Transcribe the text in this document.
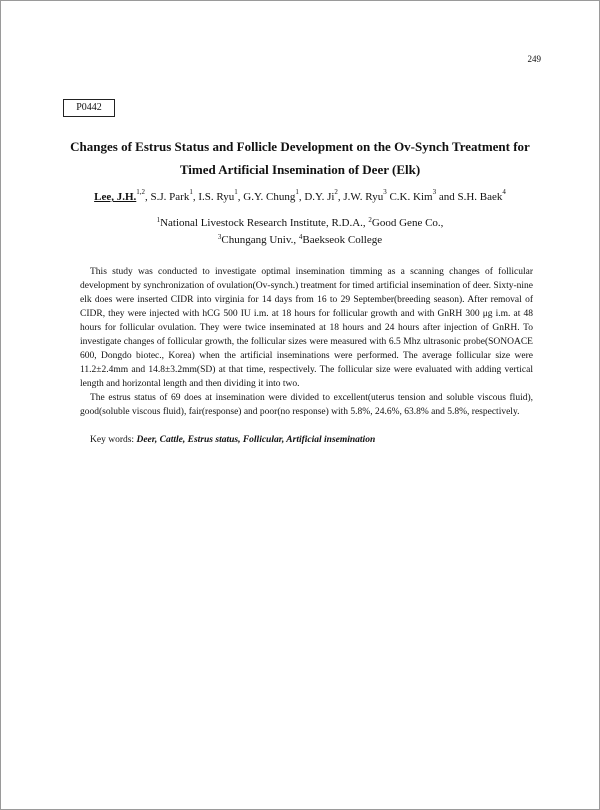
249
P0442
Changes of Estrus Status and Follicle Development on the Ov-Synch Treatment for
Timed Artificial Insemination of Deer (Elk)
Lee, J.H.$^{1,2}$, S.J. Park$^1$, I.S. Ryu$^1$, G.Y. Chung$^1$, D.Y. Ji$^2$, J.W. Ryu$^3$ C.K. Kim$^3$ and S.H. Baek$^4$
$^1$National Livestock Research Institute, R.D.A., $^2$Good Gene Co.,
$^3$Chungang Univ., $^4$Baekseok College

This study was conducted to investigate optimal insemination timming as a scanning changes of follicular development by synchronization of ovulation(Ov-synch.) treatment for timed artificial insemination of deer. Sixty-nine elk does were inserted CIDR into virginia for 14 days from 16 to 29 September(breeding season). After removal of CIDR, they were injected with hCG 500 IU i.m. at 18 hours for follicular growth and with GnRH 300 μg i.m. at 48 hours for follicular ovulation. They were twice inseminated at 18 hours and 24 hours after injection of GnRH. To investigate changes of follicular growth, the follicular sizes were measured with 6.5 Mhz ultrasonic probe(SONOACE 600, Dongdo biotec., Korea) when the artificial inseminations were performed. The average follicular size were 11.2±2.4mm and 14.8±3.2mm(SD) at that time, respectively. The follicular size were evaluated with adding vertical length and horizontal length and then dividing it into two.

The estrus status of 69 does at insemination were divided to excellent(uterus tension and soluble viscous fluid), good(soluble viscous fluid), fair(response) and poor(no response) with 5.8%, 24.6%, 63.8% and 5.8%, respectively.

Key words: Deer, Cattle, Estrus status, Follicular, Artificial insemination
